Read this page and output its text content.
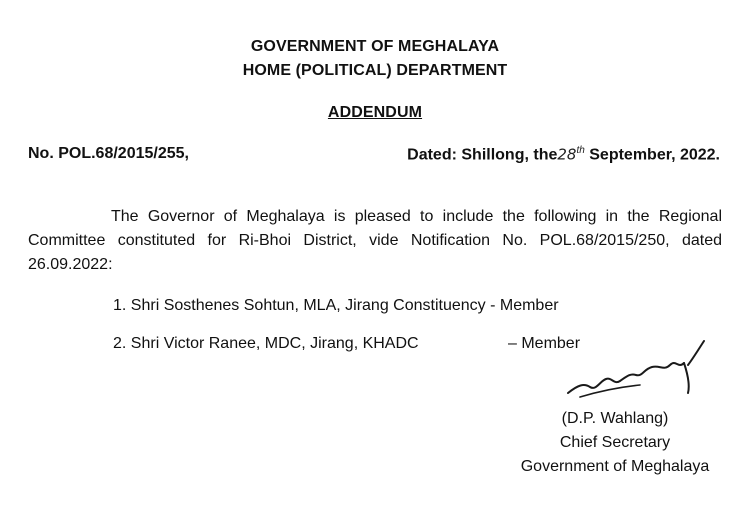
GOVERNMENT OF MEGHALAYA
HOME (POLITICAL) DEPARTMENT
ADDENDUM
No. POL.68/2015/255,	Dated: Shillong, the28th September, 2022.
The Governor of Meghalaya is pleased to include the following in the Regional Committee constituted for Ri-Bhoi District, vide Notification No. POL.68/2015/250, dated 26.09.2022:
1. Shri Sosthenes Sohtun, MLA, Jirang Constituency - Member
2. Shri Victor Ranee, MDC, Jirang, KHADC	– Member
(D.P. Wahlang)
Chief Secretary
Government of Meghalaya
